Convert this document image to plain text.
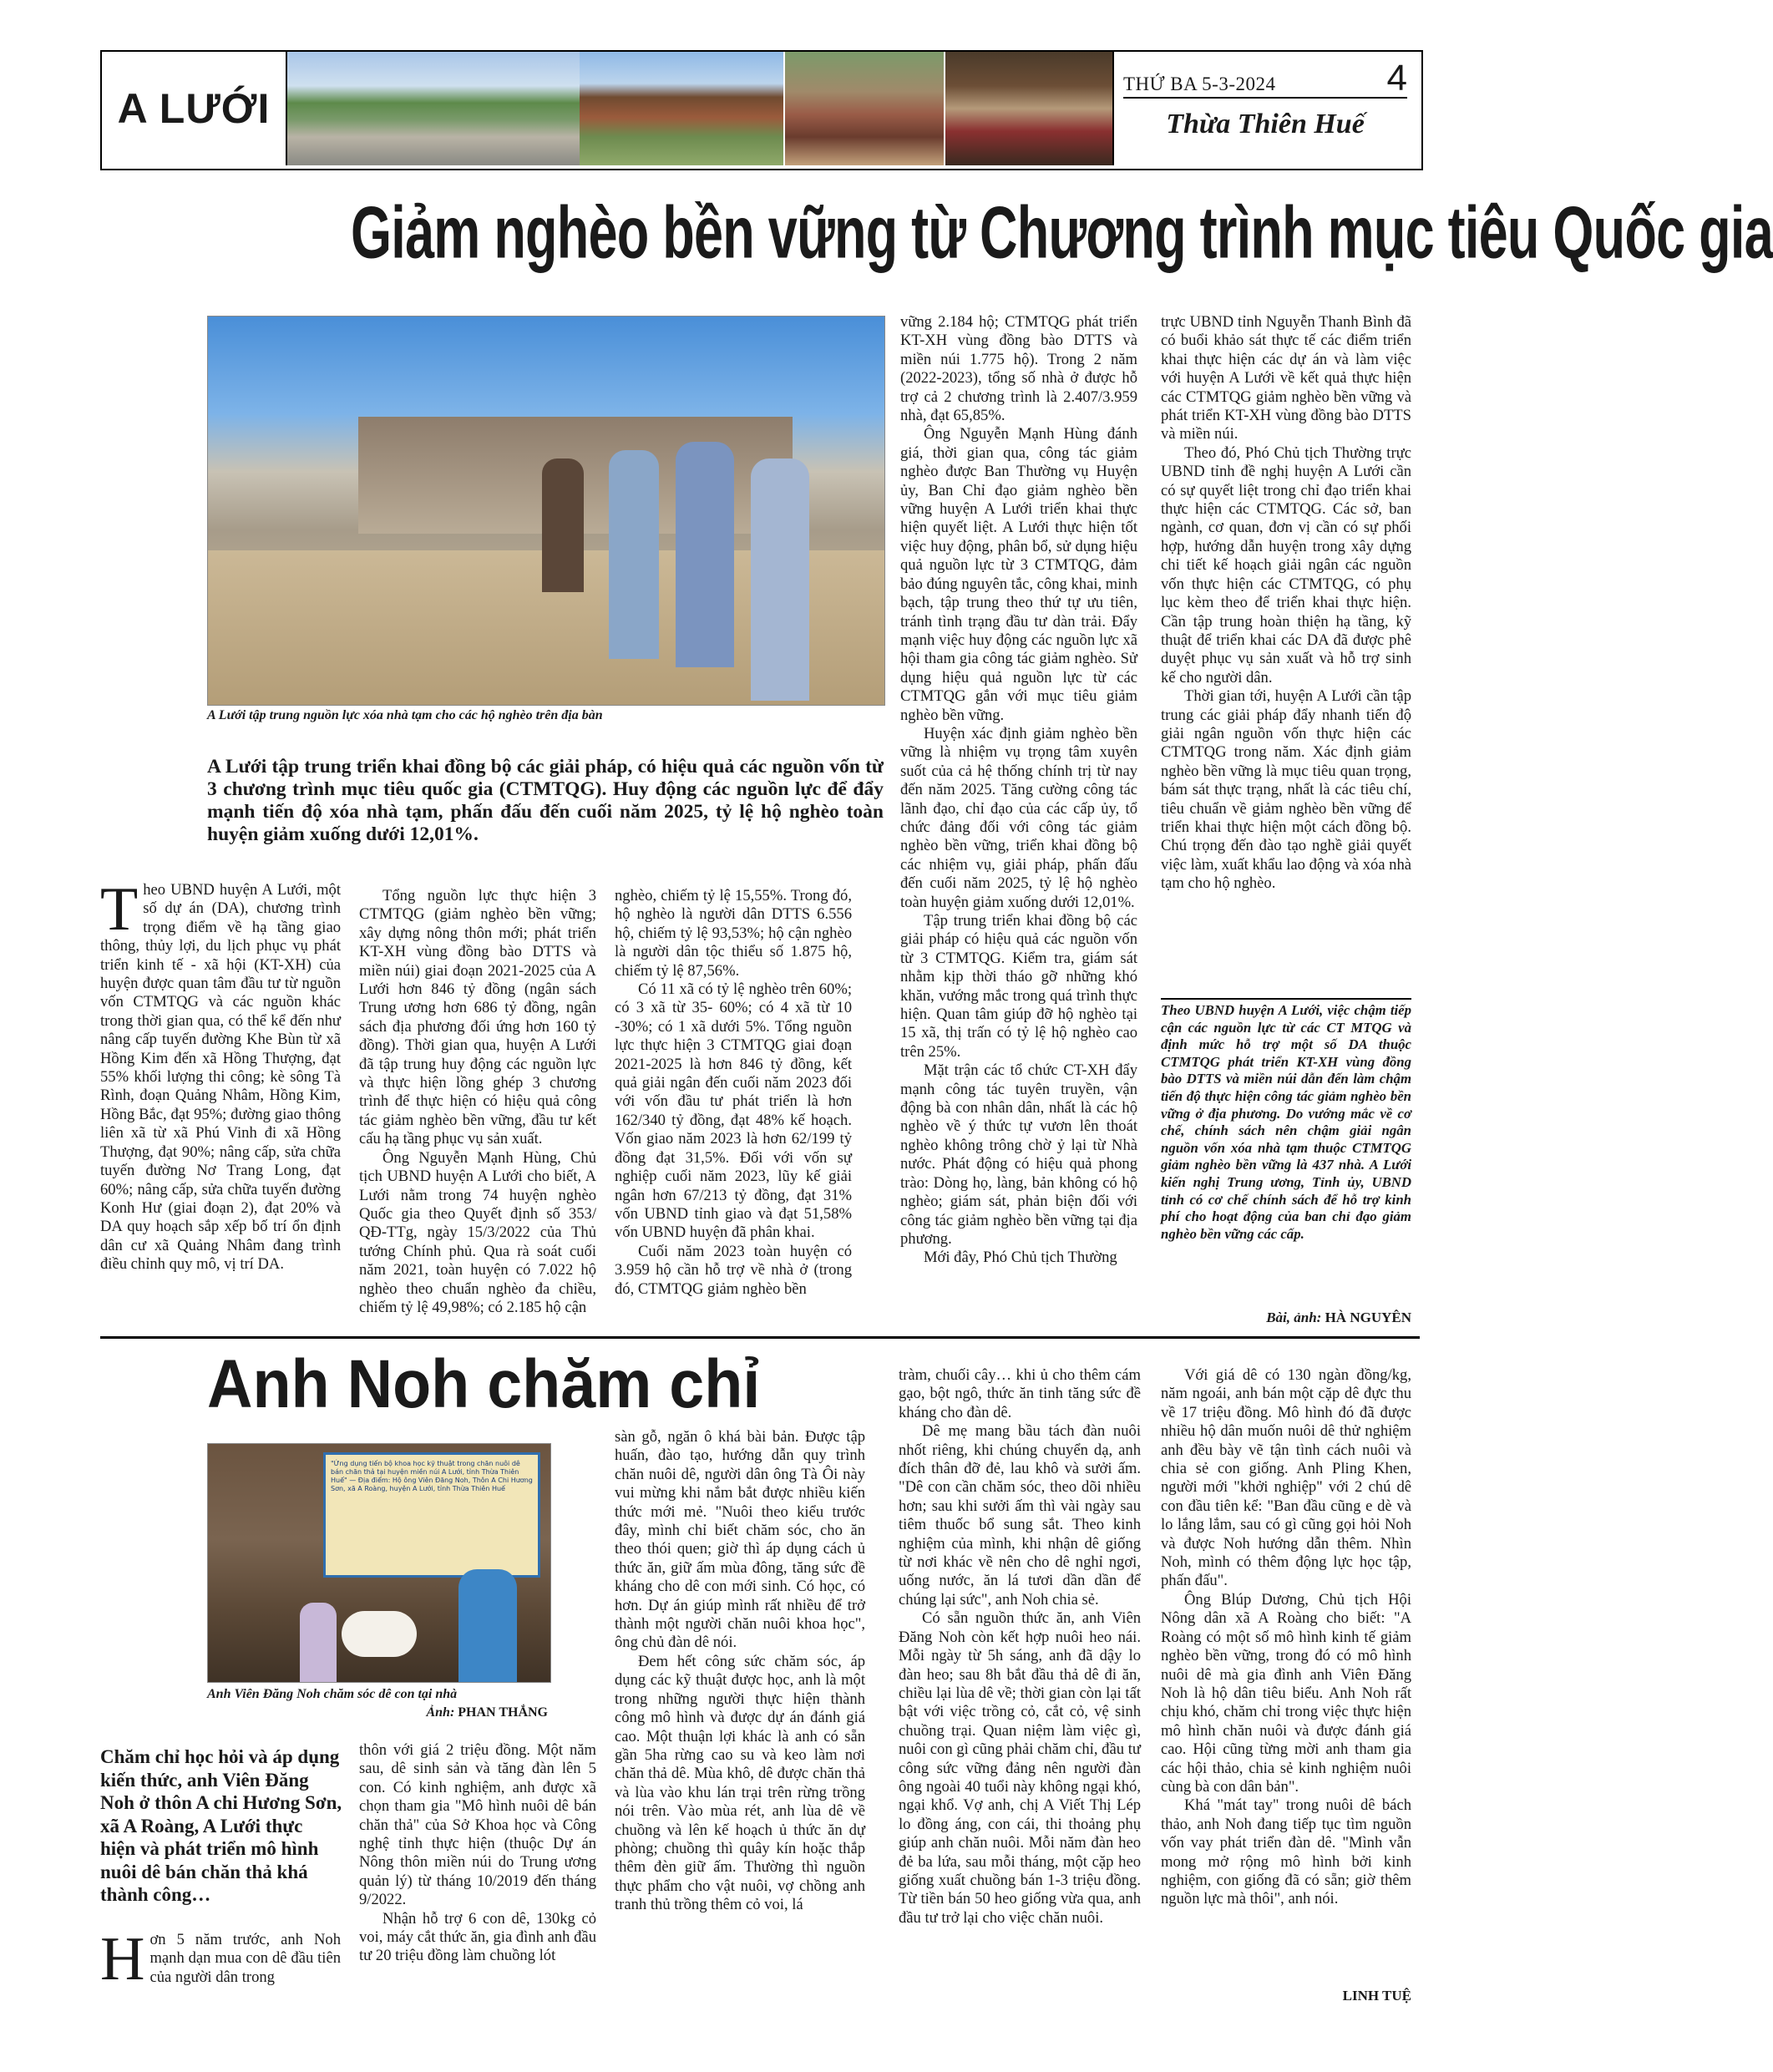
A LƯỚI
THỨ BA 5-3-2024	4
Thừa Thiên Huế
Giảm nghèo bền vững từ Chương trình mục tiêu Quốc gia
A Lưới tập trung nguồn lực xóa nhà tạm cho các hộ nghèo trên địa bàn
A Lưới tập trung triển khai đồng bộ các giải pháp, có hiệu quả các nguồn vốn từ 3 chương trình mục tiêu quốc gia (CTMTQG). Huy động các nguồn lực để đẩy mạnh tiến độ xóa nhà tạm, phấn đấu đến cuối năm 2025, tỷ lệ hộ nghèo toàn huyện giảm xuống dưới 12,01%.

Theo UBND huyện A Lưới, một số dự án (DA), chương trình trọng điểm về hạ tầng giao thông, thủy lợi, du lịch phục vụ phát triển kinh tế - xã hội (KT-XH) của huyện được quan tâm đầu tư từ nguồn vốn CTMTQG và các nguồn khác trong thời gian qua, có thể kể đến như nâng cấp tuyến đường Khe Bùn từ xã Hồng Kim đến xã Hồng Thượng, đạt 55% khối lượng thi công; kè sông Tà Rình, đoạn Quảng Nhâm, Hồng Kim, Hồng Bắc, đạt 95%; đường giao thông liên xã từ xã Phú Vinh đi xã Hồng Thượng, đạt 90%; nâng cấp, sửa chữa tuyến đường Nơ Trang Long, đạt 60%; nâng cấp, sửa chữa tuyến đường Konh Hư (giai đoạn 2), đạt 20% và DA quy hoạch sắp xếp bố trí ổn định dân cư xã Quảng Nhâm đang trình điều chỉnh quy mô, vị trí DA.

Tổng nguồn lực thực hiện 3 CTMTQG (giảm nghèo bền vững; xây dựng nông thôn mới; phát triển KT-XH vùng đồng bào DTTS và miền núi) giai đoạn 2021-2025 của A Lưới hơn 846 tỷ đồng (ngân sách Trung ương hơn 686 tỷ đồng, ngân sách địa phương đối ứng hơn 160 tỷ đồng). Thời gian qua, huyện A Lưới đã tập trung huy động các nguồn lực và thực hiện lồng ghép 3 chương trình để thực hiện có hiệu quả công tác giảm nghèo bền vững, đầu tư kết cấu hạ tầng phục vụ sản xuất.

Ông Nguyễn Mạnh Hùng, Chủ tịch UBND huyện A Lưới cho biết, A Lưới nằm trong 74 huyện nghèo Quốc gia theo Quyết định số 353/ QĐ-TTg, ngày 15/3/2022 của Thủ tướng Chính phủ. Qua rà soát cuối năm 2021, toàn huyện có 7.022 hộ nghèo theo chuẩn nghèo đa chiều, chiếm tỷ lệ 49,98%; có 2.185 hộ cận

nghèo, chiếm tỷ lệ 15,55%. Trong đó, hộ nghèo là người dân DTTS 6.556 hộ, chiếm tỷ lệ 93,53%; hộ cận nghèo là người dân tộc thiểu số 1.875 hộ, chiếm tỷ lệ 87,56%.

Có 11 xã có tỷ lệ nghèo trên 60%; có 3 xã từ 35- 60%; có 4 xã từ 10 -30%; có 1 xã dưới 5%. Tổng nguồn lực thực hiện 3 CTMTQG giai đoạn 2021-2025 là hơn 846 tỷ đồng, kết quả giải ngân đến cuối năm 2023 đối với vốn đầu tư phát triển là hơn 162/340 tỷ đồng, đạt 48% kế hoạch. Vốn giao năm 2023 là hơn 62/199 tỷ đồng đạt 31,5%. Đối với vốn sự nghiệp cuối năm 2023, lũy kế giải ngân hơn 67/213 tỷ đồng, đạt 31% vốn UBND tỉnh giao và đạt 51,58% vốn UBND huyện đã phân khai.

Cuối năm 2023 toàn huyện có 3.959 hộ cần hỗ trợ về nhà ở (trong đó, CTMTQG giảm nghèo bền

vững 2.184 hộ; CTMTQG phát triển KT-XH vùng đồng bào DTTS và miền núi 1.775 hộ). Trong 2 năm (2022-2023), tổng số nhà ở được hỗ trợ cả 2 chương trình là 2.407/3.959 nhà, đạt 65,85%.

Ông Nguyễn Mạnh Hùng đánh giá, thời gian qua, công tác giảm nghèo được Ban Thường vụ Huyện ủy, Ban Chỉ đạo giảm nghèo bền vững huyện A Lưới triển khai thực hiện quyết liệt. A Lưới thực hiện tốt việc huy động, phân bổ, sử dụng hiệu quả nguồn lực từ 3 CTMTQG, đảm bảo đúng nguyên tắc, công khai, minh bạch, tập trung theo thứ tự ưu tiên, tránh tình trạng đầu tư dàn trải. Đẩy mạnh việc huy động các nguồn lực xã hội tham gia công tác giảm nghèo. Sử dụng hiệu quả nguồn lực từ các CTMTQG gắn với mục tiêu giảm nghèo bền vững.

Huyện xác định giảm nghèo bền vững là nhiệm vụ trọng tâm xuyên suốt của cả hệ thống chính trị từ nay đến năm 2025. Tăng cường công tác lãnh đạo, chỉ đạo của các cấp ủy, tổ chức đảng đối với công tác giảm nghèo bền vững, triển khai đồng bộ các nhiệm vụ, giải pháp, phấn đấu đến cuối năm 2025, tỷ lệ hộ nghèo toàn huyện giảm xuống dưới 12,01%.

Tập trung triển khai đồng bộ các giải pháp có hiệu quả các nguồn vốn từ 3 CTMTQG. Kiểm tra, giám sát nhằm kịp thời tháo gỡ những khó khăn, vướng mắc trong quá trình thực hiện. Quan tâm giúp đỡ hộ nghèo tại 15 xã, thị trấn có tỷ lệ hộ nghèo cao trên 25%.

Mặt trận các tổ chức CT-XH đẩy mạnh công tác tuyên truyền, vận động bà con nhân dân, nhất là các hộ nghèo về ý thức tự vươn lên thoát nghèo không trông chờ ỷ lại từ Nhà nước. Phát động có hiệu quả phong trào: Dòng họ, làng, bản không có hộ nghèo; giám sát, phản biện đối với công tác giảm nghèo bền vững tại địa phương.

Mới đây, Phó Chủ tịch Thường

trực UBND tỉnh Nguyễn Thanh Bình đã có buổi khảo sát thực tế các điểm triển khai thực hiện các dự án và làm việc với huyện A Lưới về kết quả thực hiện các CTMTQG giảm nghèo bền vững và phát triển KT-XH vùng đồng bào DTTS và miền núi.

Theo đó, Phó Chủ tịch Thường trực UBND tỉnh đề nghị huyện A Lưới cần có sự quyết liệt trong chỉ đạo triển khai thực hiện các CTMTQG. Các sở, ban ngành, cơ quan, đơn vị cần có sự phối hợp, hướng dẫn huyện trong xây dựng chi tiết kế hoạch giải ngân các nguồn vốn thực hiện các CTMTQG, có phụ lục kèm theo để triển khai thực hiện. Cần tập trung hoàn thiện hạ tầng, kỹ thuật để triển khai các DA đã được phê duyệt phục vụ sản xuất và hỗ trợ sinh kế cho người dân.

Thời gian tới, huyện A Lưới cần tập trung các giải pháp đẩy nhanh tiến độ giải ngân nguồn vốn thực hiện các CTMTQG trong năm. Xác định giảm nghèo bền vững là mục tiêu quan trọng, bám sát thực trạng, nhất là các tiêu chí, tiêu chuẩn về giảm nghèo bền vững để triển khai thực hiện một cách đồng bộ. Chú trọng đến đào tạo nghề giải quyết việc làm, xuất khẩu lao động và xóa nhà tạm cho hộ nghèo.

Theo UBND huyện A Lưới, việc chậm tiếp cận các nguồn lực từ các CT MTQG và định mức hỗ trợ một số DA thuộc CTMTQG phát triển KT-XH vùng đồng bào DTTS và miền núi dẫn đến làm chậm tiến độ thực hiện công tác giảm nghèo bền vững ở địa phương. Do vướng mắc về cơ chế, chính sách nên chậm giải ngân nguồn vốn xóa nhà tạm thuộc CTMTQG giảm nghèo bền vững là 437 nhà. A Lưới kiến nghị Trung ương, Tỉnh ủy, UBND tỉnh có cơ chế chính sách để hỗ trợ kinh phí cho hoạt động của ban chỉ đạo giảm nghèo bền vững các cấp.
Bài, ảnh: HÀ NGUYÊN
Anh Noh chăm chỉ
"Ứng dụng tiến bộ khoa học kỹ thuật trong chăn nuôi dê bán chăn thả tại huyện miền núi A Lưới, tỉnh Thừa Thiên Huế" — Địa điểm: Hộ ông Viên Đăng Noh, Thôn A Chi Hương Sơn, xã A Roàng, huyện A Lưới, tỉnh Thừa Thiên Huế
Anh Viên Đăng Noh chăm sóc dê con tại nhà
Ảnh: PHAN THẮNG
Chăm chỉ học hỏi và áp dụng kiến thức, anh Viên Đăng Noh ở thôn A chi Hương Sơn, xã A Roàng, A Lưới thực hiện và phát triển mô hình nuôi dê bán chăn thả khá thành công…

Hơn 5 năm trước, anh Noh mạnh dạn mua con dê đầu tiên của người dân trong

thôn với giá 2 triệu đồng. Một năm sau, dê sinh sản và tăng đàn lên 5 con. Có kinh nghiệm, anh được xã chọn tham gia "Mô hình nuôi dê bán chăn thả" của Sở Khoa học và Công nghệ tỉnh thực hiện (thuộc Dự án Nông thôn miền núi do Trung ương quản lý) từ tháng 10/2019 đến tháng 9/2022.

Nhận hỗ trợ 6 con dê, 130kg cỏ voi, máy cắt thức ăn, gia đình anh đầu tư 20 triệu đồng làm chuồng lót

sàn gỗ, ngăn ô khá bài bản. Được tập huấn, đào tạo, hướng dẫn quy trình chăn nuôi dê, người dân ông Tà Ôi này vui mừng khi nắm bắt được nhiều kiến thức mới mẻ. "Nuôi theo kiểu trước đây, mình chỉ biết chăm sóc, cho ăn theo thói quen; giờ thì áp dụng cách ủ thức ăn, giữ ấm mùa đông, tăng sức đề kháng cho dê con mới sinh. Có học, có hơn. Dự án giúp mình rất nhiều để trở thành một người chăn nuôi khoa học", ông chủ đàn dê nói.

Đem hết công sức chăm sóc, áp dụng các kỹ thuật được học, anh là một trong những người thực hiện thành công mô hình và được dự án đánh giá cao. Một thuận lợi khác là anh có sẵn gần 5ha rừng cao su và keo làm nơi chăn thả dê. Mùa khô, dê được chăn thả và lùa vào khu lán trại trên rừng trồng nói trên. Vào mùa rét, anh lùa dê về chuồng và lên kế hoạch ủ thức ăn dự phòng; chuồng thì quây kín hoặc thắp thêm đèn giữ ấm. Thường thì nguồn thực phẩm cho vật nuôi, vợ chồng anh tranh thủ trồng thêm cỏ voi, lá

tràm, chuối cây… khi ủ cho thêm cám gạo, bột ngô, thức ăn tinh tăng sức đề kháng cho đàn dê.

Dê mẹ mang bầu tách đàn nuôi nhốt riêng, khi chúng chuyển dạ, anh đích thân đỡ đẻ, lau khô và sưởi ấm. "Dê con cần chăm sóc, theo dõi nhiều hơn; sau khi sưởi ấm thì vài ngày sau tiêm thuốc bổ sung sắt. Theo kinh nghiệm của mình, khi nhận dê giống từ nơi khác về nên cho dê nghỉ ngơi, uống nước, ăn lá tươi dần dần để chúng lại sức", anh Noh chia sẻ.

Có sẵn nguồn thức ăn, anh Viên Đăng Noh còn kết hợp nuôi heo nái. Mỗi ngày từ 5h sáng, anh đã dậy lo đàn heo; sau 8h bắt đầu thả dê đi ăn, chiều lại lùa dê về; thời gian còn lại tất bật với việc trồng cỏ, cắt cỏ, vệ sinh chuồng trại. Quan niệm làm việc gì, nuôi con gì cũng phải chăm chỉ, đầu tư công sức vững đảng nên người đàn ông ngoài 40 tuổi này không ngại khó, ngại khổ. Vợ anh, chị A Viết Thị Lép lo đồng áng, con cái, thi thoảng phụ giúp anh chăn nuôi. Mỗi năm đàn heo đẻ ba lứa, sau mỗi tháng, một cặp heo giống xuất chuồng bán 1-3 triệu đồng. Từ tiền bán 50 heo giống vừa qua, anh đầu tư trở lại cho việc chăn nuôi.

Với giá dê có 130 ngàn đồng/kg, năm ngoái, anh bán một cặp dê đực thu về 17 triệu đồng. Mô hình đó đã được nhiều hộ dân muốn nuôi dê thử nghiệm anh đều bày vẽ tận tình cách nuôi và chia sẻ con giống. Anh Pling Khen, người mới "khởi nghiệp" với 2 chú dê con đầu tiên kể: "Ban đầu cũng e dè và lo lắng lắm, sau có gì cũng gọi hỏi Noh và được Noh hướng dẫn thêm. Nhìn Noh, mình có thêm động lực học tập, phấn đấu".

Ông Blúp Dương, Chủ tịch Hội Nông dân xã A Roàng cho biết: "A Roàng có một số mô hình kinh tế giảm nghèo bền vững, trong đó có mô hình nuôi dê mà gia đình anh Viên Đăng Noh là hộ dân tiêu biểu. Anh Noh rất chịu khó, chăm chỉ trong việc thực hiện mô hình chăn nuôi và được đánh giá cao. Hội cũng từng mời anh tham gia các hội thảo, chia sẻ kinh nghiệm nuôi cùng bà con dân bản".

Khá "mát tay" trong nuôi dê bách thảo, anh Noh đang tiếp tục tìm nguồn vốn vay phát triển đàn dê. "Mình vẫn mong mở rộng mô hình bởi kinh nghiệm, con giống đã có sẵn; giờ thêm nguồn lực mà thôi", anh nói.

LINH TUỆ
